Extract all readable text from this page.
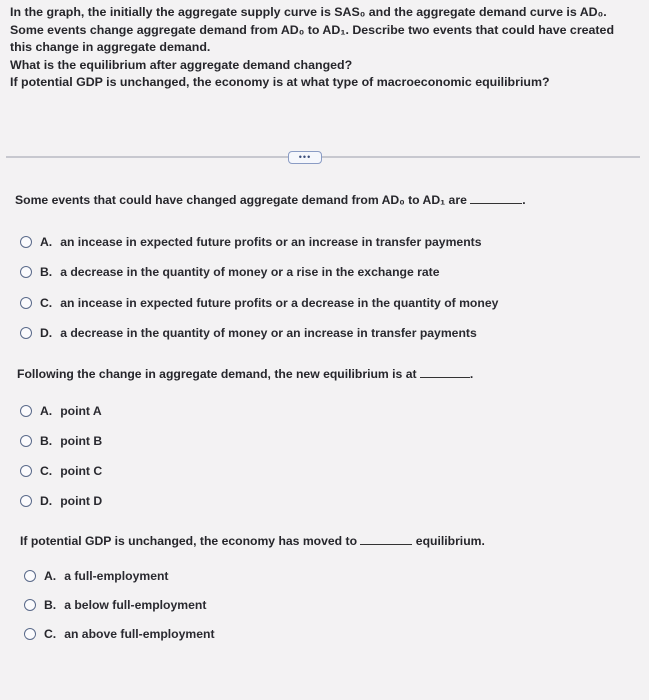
In the graph, the initially the aggregate supply curve is SAS₀ and the aggregate demand curve is AD₀.

Some events change aggregate demand from AD₀ to AD₁. Describe two events that could have created this change in aggregate demand.

What is the equilibrium after aggregate demand changed?

If potential GDP is unchanged, the economy is at what type of macroeconomic equilibrium?

•••
Some events that could have changed aggregate demand from AD₀ to AD₁ are	.
A. an incease in expected future profits or an increase in transfer payments
B. a decrease in the quantity of money or a rise in the exchange rate
C. an incease in expected future profits or a decrease in the quantity of money
D. a decrease in the quantity of money or an increase in transfer payments
Following the change in aggregate demand, the new equilibrium is at	.
A. point A
B. point B
C. point C
D. point D
If potential GDP is unchanged, the economy has moved to	equilibrium.
A. a full-employment
B. a below full-employment
C. an above full-employment
